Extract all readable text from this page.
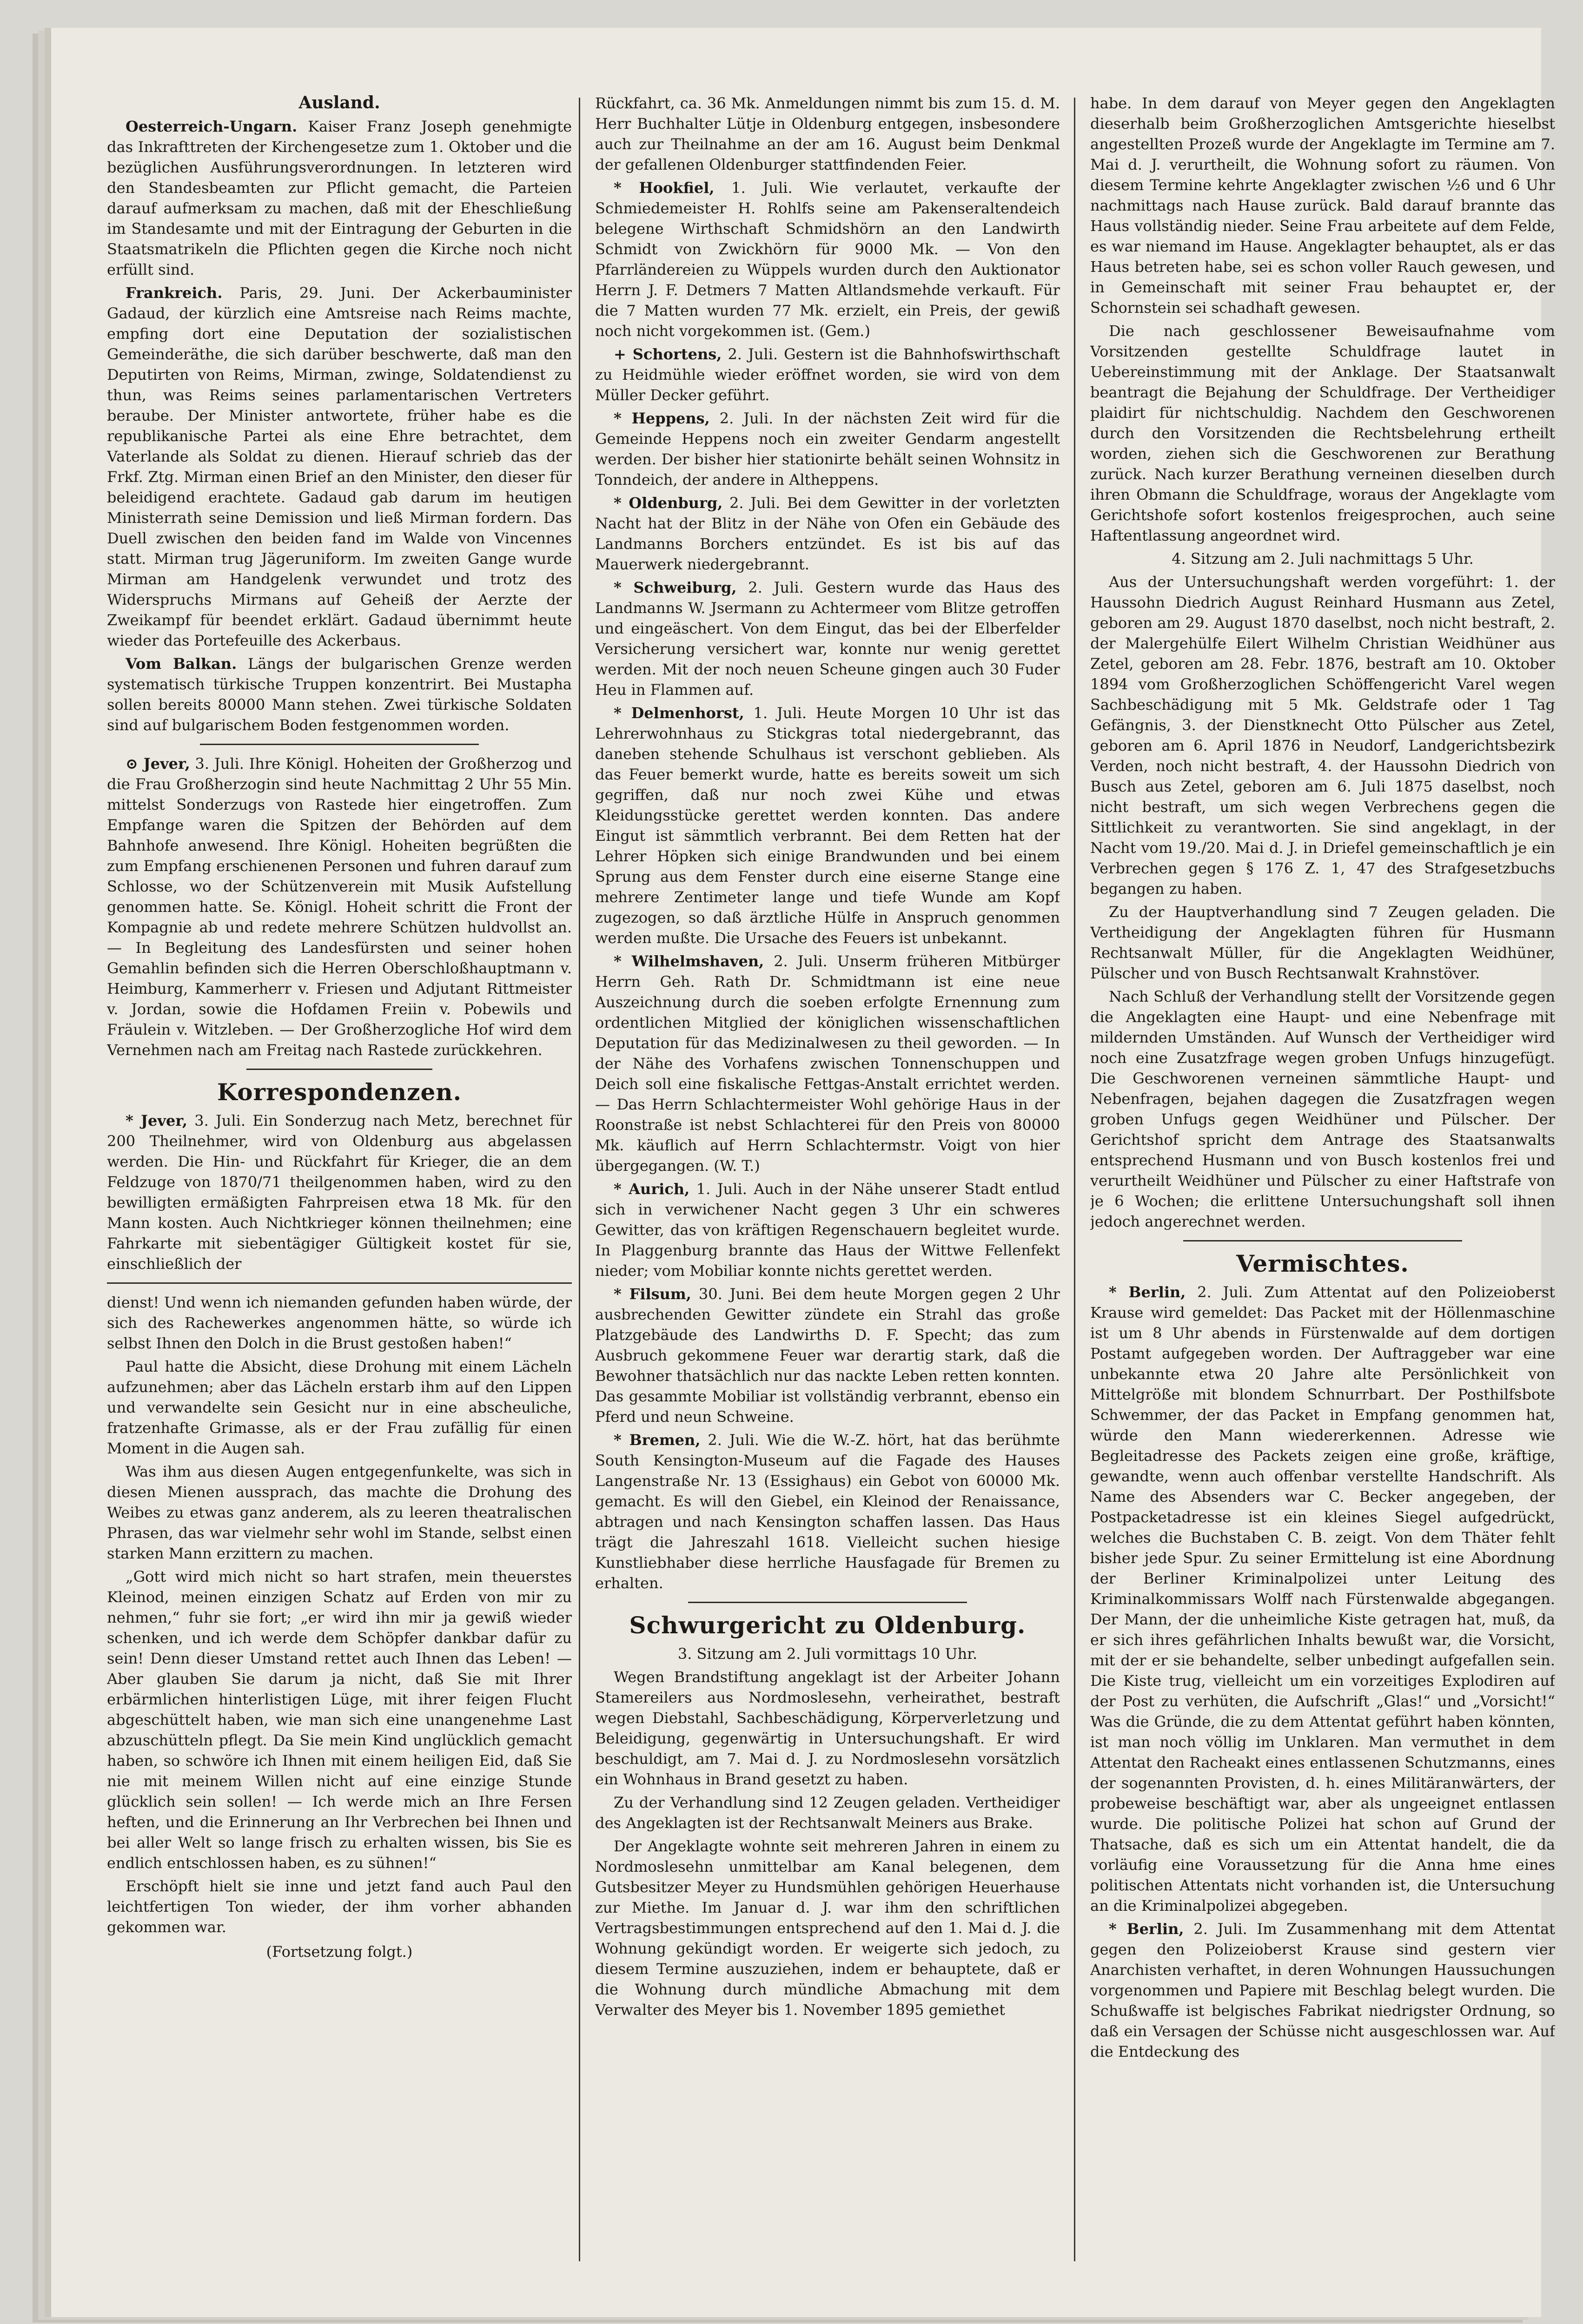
Ausland.

Oesterreich-Ungarn. Kaiser Franz Joseph genehmigte das Inkrafttreten der Kirchengesetze zum 1. Oktober und die bezüglichen Ausführungsverordnungen. In letzteren wird den Standesbeamten zur Pflicht gemacht, die Parteien darauf aufmerksam zu machen, daß mit der Eheschließung im Standesamte und mit der Eintragung der Geburten in die Staatsmatrikeln die Pflichten gegen die Kirche noch nicht erfüllt sind.

Frankreich. Paris, 29. Juni. Der Ackerbauminister Gadaud, der kürzlich eine Amtsreise nach Reims machte, empfing dort eine Deputation der sozialistischen Gemeinderäthe, die sich darüber beschwerte, daß man den Deputirten von Reims, Mirman, zwinge, Soldatendienst zu thun, was Reims seines parlamentarischen Vertreters beraube. Der Minister antwortete, früher habe es die republikanische Partei als eine Ehre betrachtet, dem Vaterlande als Soldat zu dienen. Hierauf schrieb das der Frkf. Ztg. Mirman einen Brief an den Minister, den dieser für beleidigend erachtete. Gadaud gab darum im heutigen Ministerrath seine Demission und ließ Mirman fordern. Das Duell zwischen den beiden fand im Walde von Vincennes statt. Mirman trug Jägeruniform. Im zweiten Gange wurde Mirman am Handgelenk verwundet und trotz des Widerspruchs Mirmans auf Geheiß der Aerzte der Zweikampf für beendet erklärt. Gadaud übernimmt heute wieder das Portefeuille des Ackerbaus.

Vom Balkan. Längs der bulgarischen Grenze werden systematisch türkische Truppen konzentrirt. Bei Mustapha sollen bereits 80000 Mann stehen. Zwei türkische Soldaten sind auf bulgarischem Boden festgenommen worden.

⊙ Jever, 3. Juli. Ihre Königl. Hoheiten der Großherzog und die Frau Großherzogin sind heute Nachmittag 2 Uhr 55 Min. mittelst Sonderzugs von Rastede hier eingetroffen. Zum Empfange waren die Spitzen der Behörden auf dem Bahnhofe anwesend. Ihre Königl. Hoheiten begrüßten die zum Empfang erschienenen Personen und fuhren darauf zum Schlosse, wo der Schützenverein mit Musik Aufstellung genommen hatte. Se. Königl. Hoheit schritt die Front der Kompagnie ab und redete mehrere Schützen huldvollst an. — In Begleitung des Landesfürsten und seiner hohen Gemahlin befinden sich die Herren Oberschloßhauptmann v. Heimburg, Kammerherr v. Friesen und Adjutant Rittmeister v. Jordan, sowie die Hofdamen Freiin v. Pobewils und Fräulein v. Witzleben. — Der Großherzogliche Hof wird dem Vernehmen nach am Freitag nach Rastede zurückkehren.

Korrespondenzen.

* Jever, 3. Juli. Ein Sonderzug nach Metz, berechnet für 200 Theilnehmer, wird von Oldenburg aus abgelassen werden. Die Hin- und Rückfahrt für Krieger, die an dem Feldzuge von 1870/71 theilgenommen haben, wird zu den bewilligten ermäßigten Fahrpreisen etwa 18 Mk. für den Mann kosten. Auch Nichtkrieger können theilnehmen; eine Fahrkarte mit siebentägiger Gültigkeit kostet für sie, einschließlich der

dienst! Und wenn ich niemanden gefunden haben würde, der sich des Rachewerkes angenommen hätte, so würde ich selbst Ihnen den Dolch in die Brust gestoßen haben!“

Paul hatte die Absicht, diese Drohung mit einem Lächeln aufzunehmen; aber das Lächeln erstarb ihm auf den Lippen und verwandelte sein Gesicht nur in eine abscheuliche, fratzenhafte Grimasse, als er der Frau zufällig für einen Moment in die Augen sah.

Was ihm aus diesen Augen entgegenfunkelte, was sich in diesen Mienen aussprach, das machte die Drohung des Weibes zu etwas ganz anderem, als zu leeren theatralischen Phrasen, das war vielmehr sehr wohl im Stande, selbst einen starken Mann erzittern zu machen.

„Gott wird mich nicht so hart strafen, mein theuerstes Kleinod, meinen einzigen Schatz auf Erden von mir zu nehmen,“ fuhr sie fort; „er wird ihn mir ja gewiß wieder schenken, und ich werde dem Schöpfer dankbar dafür zu sein! Denn dieser Umstand rettet auch Ihnen das Leben! — Aber glauben Sie darum ja nicht, daß Sie mit Ihrer erbärmlichen hinterlistigen Lüge, mit ihrer feigen Flucht abgeschüttelt haben, wie man sich eine unangenehme Last abzuschütteln pflegt. Da Sie mein Kind unglücklich gemacht haben, so schwöre ich Ihnen mit einem heiligen Eid, daß Sie nie mit meinem Willen nicht auf eine einzige Stunde glücklich sein sollen! — Ich werde mich an Ihre Fersen heften, und die Erinnerung an Ihr Verbrechen bei Ihnen und bei aller Welt so lange frisch zu erhalten wissen, bis Sie es endlich entschlossen haben, es zu sühnen!“

Erschöpft hielt sie inne und jetzt fand auch Paul den leichtfertigen Ton wieder, der ihm vorher abhanden gekommen war.

(Fortsetzung folgt.)

Rückfahrt, ca. 36 Mk. Anmeldungen nimmt bis zum 15. d. M. Herr Buchhalter Lütje in Oldenburg entgegen, insbesondere auch zur Theilnahme an der am 16. August beim Denkmal der gefallenen Oldenburger stattfindenden Feier.

* Hookfiel, 1. Juli. Wie verlautet, verkaufte der Schmiedemeister H. Rohlfs seine am Pakenseraltendeich belegene Wirthschaft Schmidshörn an den Landwirth Schmidt von Zwickhörn für 9000 Mk. — Von den Pfarrländereien zu Wüppels wurden durch den Auktionator Herrn J. F. Detmers 7 Matten Altlandsmehde verkauft. Für die 7 Matten wurden 77 Mk. erzielt, ein Preis, der gewiß noch nicht vorgekommen ist. (Gem.)

+ Schortens, 2. Juli. Gestern ist die Bahnhofswirthschaft zu Heidmühle wieder eröffnet worden, sie wird von dem Müller Decker geführt.

* Heppens, 2. Juli. In der nächsten Zeit wird für die Gemeinde Heppens noch ein zweiter Gendarm angestellt werden. Der bisher hier stationirte behält seinen Wohnsitz in Tonndeich, der andere in Altheppens.

* Oldenburg, 2. Juli. Bei dem Gewitter in der vorletzten Nacht hat der Blitz in der Nähe von Ofen ein Gebäude des Landmanns Borchers entzündet. Es ist bis auf das Mauerwerk niedergebrannt.

* Schweiburg, 2. Juli. Gestern wurde das Haus des Landmanns W. Jsermann zu Achtermeer vom Blitze getroffen und eingeäschert. Von dem Eingut, das bei der Elberfelder Versicherung versichert war, konnte nur wenig gerettet werden. Mit der noch neuen Scheune gingen auch 30 Fuder Heu in Flammen auf.

* Delmenhorst, 1. Juli. Heute Morgen 10 Uhr ist das Lehrerwohnhaus zu Stickgras total niedergebrannt, das daneben stehende Schulhaus ist verschont geblieben. Als das Feuer bemerkt wurde, hatte es bereits soweit um sich gegriffen, daß nur noch zwei Kühe und etwas Kleidungsstücke gerettet werden konnten. Das andere Eingut ist sämmtlich verbrannt. Bei dem Retten hat der Lehrer Höpken sich einige Brandwunden und bei einem Sprung aus dem Fenster durch eine eiserne Stange eine mehrere Zentimeter lange und tiefe Wunde am Kopf zugezogen, so daß ärztliche Hülfe in Anspruch genommen werden mußte. Die Ursache des Feuers ist unbekannt.

* Wilhelmshaven, 2. Juli. Unserm früheren Mitbürger Herrn Geh. Rath Dr. Schmidtmann ist eine neue Auszeichnung durch die soeben erfolgte Ernennung zum ordentlichen Mitglied der königlichen wissenschaftlichen Deputation für das Medizinalwesen zu theil geworden. — In der Nähe des Vorhafens zwischen Tonnenschuppen und Deich soll eine fiskalische Fettgas-Anstalt errichtet werden. — Das Herrn Schlachtermeister Wohl gehörige Haus in der Roonstraße ist nebst Schlachterei für den Preis von 80000 Mk. käuflich auf Herrn Schlachtermstr. Voigt von hier übergegangen. (W. T.)

* Aurich, 1. Juli. Auch in der Nähe unserer Stadt entlud sich in verwichener Nacht gegen 3 Uhr ein schweres Gewitter, das von kräftigen Regenschauern begleitet wurde. In Plaggenburg brannte das Haus der Wittwe Fellenfekt nieder; vom Mobiliar konnte nichts gerettet werden.

* Filsum, 30. Juni. Bei dem heute Morgen gegen 2 Uhr ausbrechenden Gewitter zündete ein Strahl das große Platzgebäude des Landwirths D. F. Specht; das zum Ausbruch gekommene Feuer war derartig stark, daß die Bewohner thatsächlich nur das nackte Leben retten konnten. Das gesammte Mobiliar ist vollständig verbrannt, ebenso ein Pferd und neun Schweine.

* Bremen, 2. Juli. Wie die W.-Z. hört, hat das berühmte South Kensington-Museum auf die Fagade des Hauses Langenstraße Nr. 13 (Essighaus) ein Gebot von 60000 Mk. gemacht. Es will den Giebel, ein Kleinod der Renaissance, abtragen und nach Kensington schaffen lassen. Das Haus trägt die Jahreszahl 1618. Vielleicht suchen hiesige Kunstliebhaber diese herrliche Hausfagade für Bremen zu erhalten.

Schwurgericht zu Oldenburg.
3. Sitzung am 2. Juli vormittags 10 Uhr.

Wegen Brandstiftung angeklagt ist der Arbeiter Johann Stamereilers aus Nordmoslesehn, verheirathet, bestraft wegen Diebstahl, Sachbeschädigung, Körperverletzung und Beleidigung, gegenwärtig in Untersuchungshaft. Er wird beschuldigt, am 7. Mai d. J. zu Nordmoslesehn vorsätzlich ein Wohnhaus in Brand gesetzt zu haben.

Zu der Verhandlung sind 12 Zeugen geladen. Vertheidiger des Angeklagten ist der Rechtsanwalt Meiners aus Brake.

Der Angeklagte wohnte seit mehreren Jahren in einem zu Nordmoslesehn unmittelbar am Kanal belegenen, dem Gutsbesitzer Meyer zu Hundsmühlen gehörigen Heuerhause zur Miethe. Im Januar d. J. war ihm den schriftlichen Vertragsbestimmungen entsprechend auf den 1. Mai d. J. die Wohnung gekündigt worden. Er weigerte sich jedoch, zu diesem Termine auszuziehen, indem er behauptete, daß er die Wohnung durch mündliche Abmachung mit dem Verwalter des Meyer bis 1. November 1895 gemiethet

habe. In dem darauf von Meyer gegen den Angeklagten dieserhalb beim Großherzoglichen Amtsgerichte hieselbst angestellten Prozeß wurde der Angeklagte im Termine am 7. Mai d. J. verurtheilt, die Wohnung sofort zu räumen. Von diesem Termine kehrte Angeklagter zwischen ½6 und 6 Uhr nachmittags nach Hause zurück. Bald darauf brannte das Haus vollständig nieder. Seine Frau arbeitete auf dem Felde, es war niemand im Hause. Angeklagter behauptet, als er das Haus betreten habe, sei es schon voller Rauch gewesen, und in Gemeinschaft mit seiner Frau behauptet er, der Schornstein sei schadhaft gewesen.

Die nach geschlossener Beweisaufnahme vom Vorsitzenden gestellte Schuldfrage lautet in Uebereinstimmung mit der Anklage. Der Staatsanwalt beantragt die Bejahung der Schuldfrage. Der Vertheidiger plaidirt für nichtschuldig. Nachdem den Geschworenen durch den Vorsitzenden die Rechtsbelehrung ertheilt worden, ziehen sich die Geschworenen zur Berathung zurück. Nach kurzer Berathung verneinen dieselben durch ihren Obmann die Schuldfrage, woraus der Angeklagte vom Gerichtshofe sofort kostenlos freigesprochen, auch seine Haftentlassung angeordnet wird.

4. Sitzung am 2. Juli nachmittags 5 Uhr.

Aus der Untersuchungshaft werden vorgeführt: 1. der Haussohn Diedrich August Reinhard Husmann aus Zetel, geboren am 29. August 1870 daselbst, noch nicht bestraft, 2. der Malergehülfe Eilert Wilhelm Christian Weidhüner aus Zetel, geboren am 28. Febr. 1876, bestraft am 10. Oktober 1894 vom Großherzoglichen Schöffengericht Varel wegen Sachbeschädigung mit 5 Mk. Geldstrafe oder 1 Tag Gefängnis, 3. der Dienstknecht Otto Pülscher aus Zetel, geboren am 6. April 1876 in Neudorf, Landgerichtsbezirk Verden, noch nicht bestraft, 4. der Haussohn Diedrich von Busch aus Zetel, geboren am 6. Juli 1875 daselbst, noch nicht bestraft, um sich wegen Verbrechens gegen die Sittlichkeit zu verantworten. Sie sind angeklagt, in der Nacht vom 19./20. Mai d. J. in Driefel gemeinschaftlich je ein Verbrechen gegen § 176 Z. 1, 47 des Strafgesetzbuchs begangen zu haben.

Zu der Hauptverhandlung sind 7 Zeugen geladen. Die Vertheidigung der Angeklagten führen für Husmann Rechtsanwalt Müller, für die Angeklagten Weidhüner, Pülscher und von Busch Rechtsanwalt Krahnstöver.

Nach Schluß der Verhandlung stellt der Vorsitzende gegen die Angeklagten eine Haupt- und eine Nebenfrage mit mildernden Umständen. Auf Wunsch der Vertheidiger wird noch eine Zusatzfrage wegen groben Unfugs hinzugefügt. Die Geschworenen verneinen sämmtliche Haupt- und Nebenfragen, bejahen dagegen die Zusatzfragen wegen groben Unfugs gegen Weidhüner und Pülscher. Der Gerichtshof spricht dem Antrage des Staatsanwalts entsprechend Husmann und von Busch kostenlos frei und verurtheilt Weidhüner und Pülscher zu einer Haftstrafe von je 6 Wochen; die erlittene Untersuchungshaft soll ihnen jedoch angerechnet werden.

Vermischtes.

* Berlin, 2. Juli. Zum Attentat auf den Polizeioberst Krause wird gemeldet: Das Packet mit der Höllenmaschine ist um 8 Uhr abends in Fürstenwalde auf dem dortigen Postamt aufgegeben worden. Der Auftraggeber war eine unbekannte etwa 20 Jahre alte Persönlichkeit von Mittelgröße mit blondem Schnurrbart. Der Posthilfsbote Schwemmer, der das Packet in Empfang genommen hat, würde den Mann wiedererkennen. Adresse wie Begleitadresse des Packets zeigen eine große, kräftige, gewandte, wenn auch offenbar verstellte Handschrift. Als Name des Absenders war C. Becker angegeben, der Postpacketadresse ist ein kleines Siegel aufgedrückt, welches die Buchstaben C. B. zeigt. Von dem Thäter fehlt bisher jede Spur. Zu seiner Ermittelung ist eine Abordnung der Berliner Kriminalpolizei unter Leitung des Kriminalkommissars Wolff nach Fürstenwalde abgegangen. Der Mann, der die unheimliche Kiste getragen hat, muß, da er sich ihres gefährlichen Inhalts bewußt war, die Vorsicht, mit der er sie behandelte, selber unbedingt aufgefallen sein. Die Kiste trug, vielleicht um ein vorzeitiges Explodiren auf der Post zu verhüten, die Aufschrift „Glas!“ und „Vorsicht!“ Was die Gründe, die zu dem Attentat geführt haben könnten, ist man noch völlig im Unklaren. Man vermuthet in dem Attentat den Racheakt eines entlassenen Schutzmanns, eines der sogenannten Provisten, d. h. eines Militäranwärters, der probeweise beschäftigt war, aber als ungeeignet entlassen wurde. Die politische Polizei hat schon auf Grund der Thatsache, daß es sich um ein Attentat handelt, die da vorläufig eine Voraussetzung für die Anna hme eines politischen Attentats nicht vorhanden ist, die Untersuchung an die Kriminalpolizei abgegeben.

* Berlin, 2. Juli. Im Zusammenhang mit dem Attentat gegen den Polizeioberst Krause sind gestern vier Anarchisten verhaftet, in deren Wohnungen Haussuchungen vorgenommen und Papiere mit Beschlag belegt wurden. Die Schußwaffe ist belgisches Fabrikat niedrigster Ordnung, so daß ein Versagen der Schüsse nicht ausgeschlossen war. Auf die Entdeckung des
